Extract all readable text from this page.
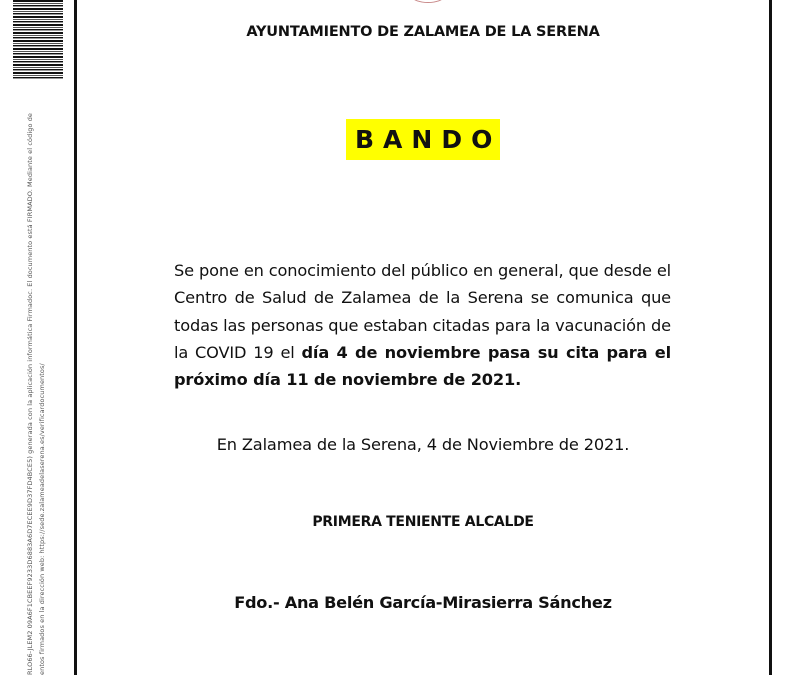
RLO66-JLEM2 09A6F1CBEEF9233D6883A6D7ECEE9D37FD4BCE5) generada con la aplicación informática Firmadoc. El documento está FIRMADO. Mediante el código de entos firmados en la dirección web: https://sede.zalameadelaserena.es/verificardocumentos/
AYUNTAMIENTO DE ZALAMEA DE LA SERENA
BANDO
Se pone en conocimiento del público en general, que desde el Centro de Salud de Zalamea de la Serena se comunica que todas las personas que estaban citadas para la vacunación de la COVID 19 el día 4 de noviembre pasa su cita para el próximo día 11 de noviembre de 2021.
En Zalamea de la Serena, 4 de Noviembre de 2021.
PRIMERA TENIENTE ALCALDE
Fdo.- Ana Belén García-Mirasierra Sánchez
